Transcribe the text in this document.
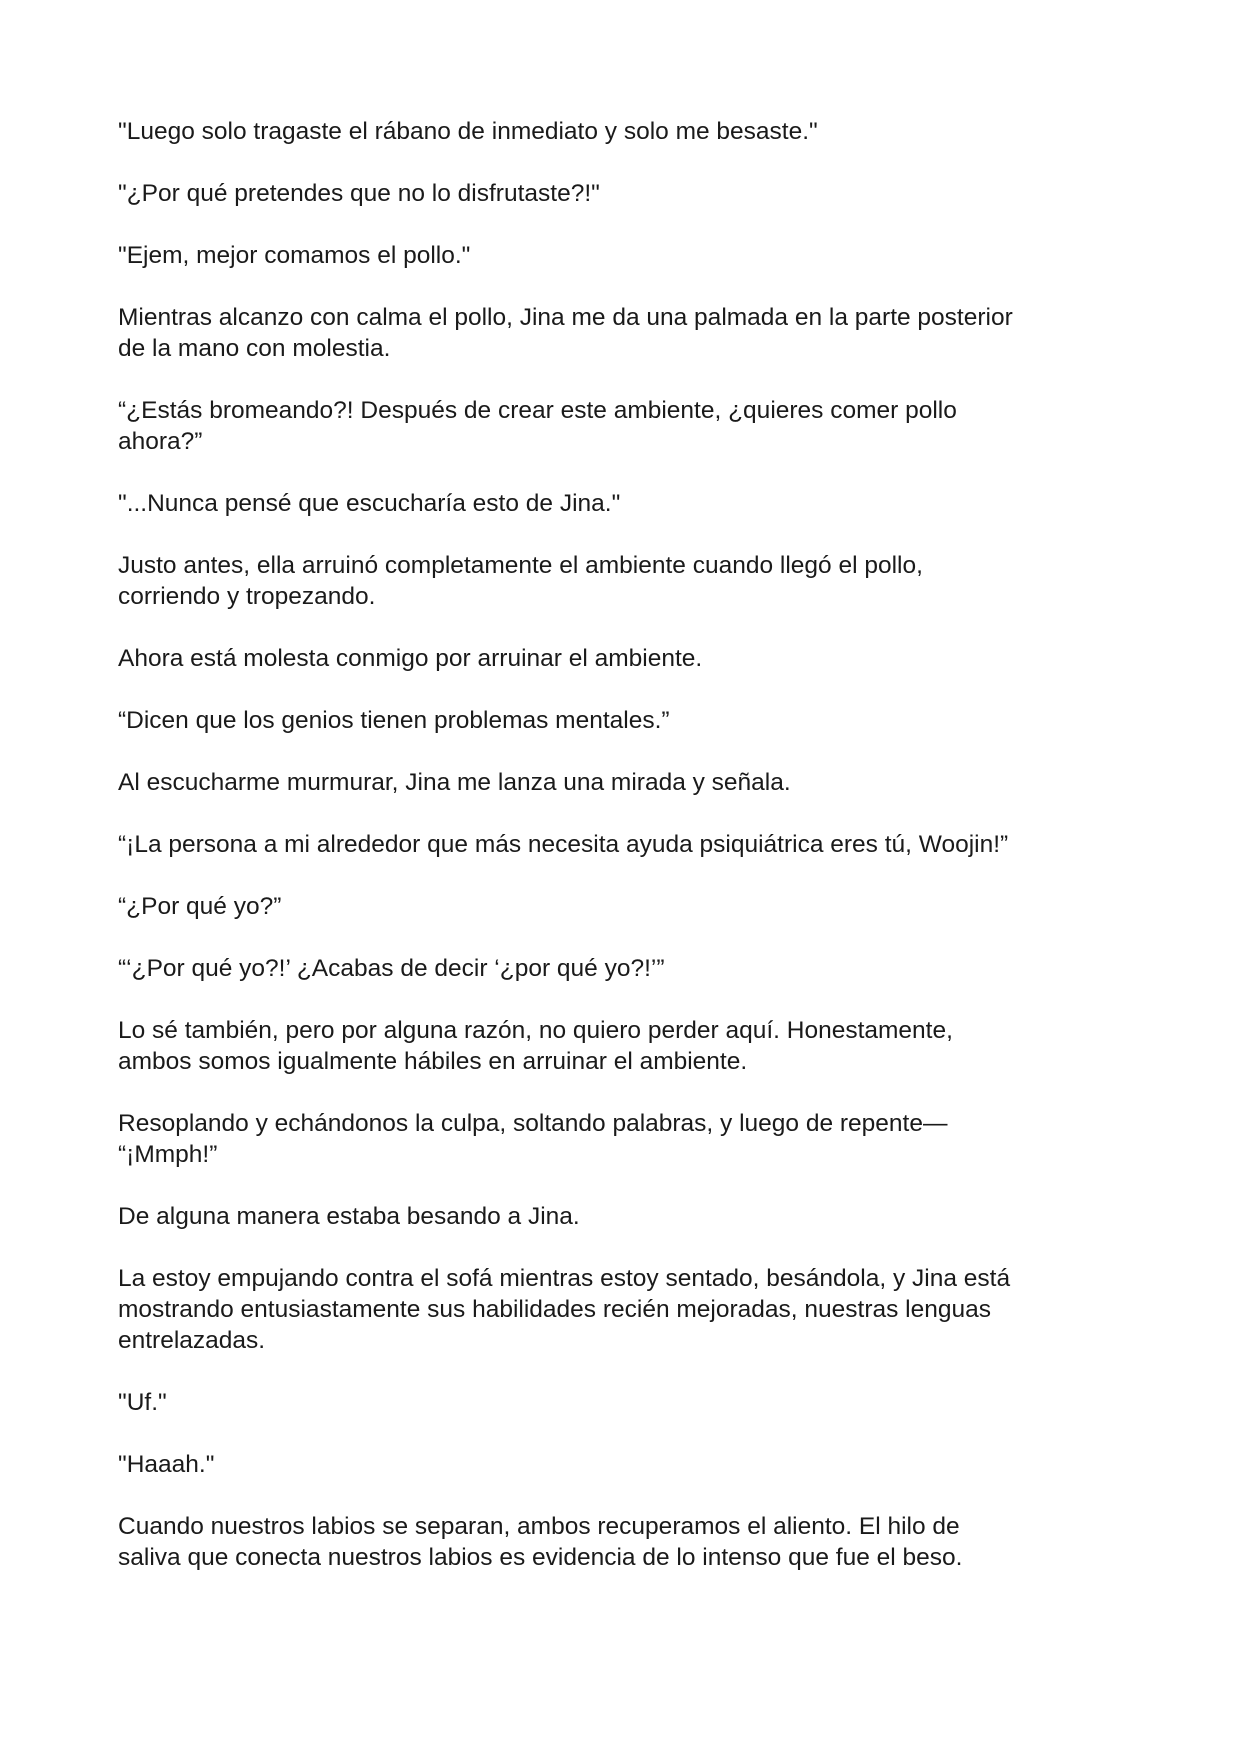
"Luego solo tragaste el rábano de inmediato y solo me besaste."

"¿Por qué pretendes que no lo disfrutaste?!"

"Ejem, mejor comamos el pollo."

Mientras alcanzo con calma el pollo, Jina me da una palmada en la parte posterior
de la mano con molestia.

“¿Estás bromeando?! Después de crear este ambiente, ¿quieres comer pollo
ahora?”

"...Nunca pensé que escucharía esto de Jina."

Justo antes, ella arruinó completamente el ambiente cuando llegó el pollo,
corriendo y tropezando.

Ahora está molesta conmigo por arruinar el ambiente.

“Dicen que los genios tienen problemas mentales.”

Al escucharme murmurar, Jina me lanza una mirada y señala.

“¡La persona a mi alrededor que más necesita ayuda psiquiátrica eres tú, Woojin!”

“¿Por qué yo?”

“‘¿Por qué yo?!’ ¿Acabas de decir ‘¿por qué yo?!’”

Lo sé también, pero por alguna razón, no quiero perder aquí. Honestamente,
ambos somos igualmente hábiles en arruinar el ambiente.

Resoplando y echándonos la culpa, soltando palabras, y luego de repente—
“¡Mmph!”

De alguna manera estaba besando a Jina.

La estoy empujando contra el sofá mientras estoy sentado, besándola, y Jina está
mostrando entusiastamente sus habilidades recién mejoradas, nuestras lenguas
entrelazadas.

"Uf."

"Haaah."

Cuando nuestros labios se separan, ambos recuperamos el aliento. El hilo de
saliva que conecta nuestros labios es evidencia de lo intenso que fue el beso.
